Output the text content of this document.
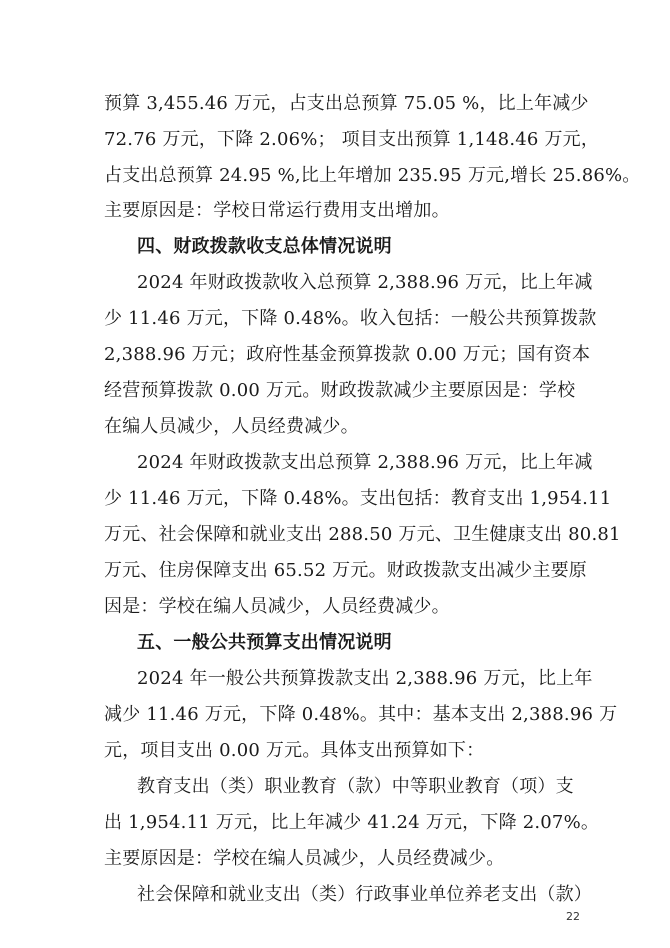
预算 3,455.46 万元，占支出总预算 75.05 %，比上年减少
72.76 万元，下降 2.06%； 项目支出预算 1,148.46 万元，
占支出总预算 24.95 %,比上年增加 235.95 万元,增长 25.86%。
主要原因是：学校日常运行费用支出增加。
四、财政拨款收支总体情况说明
2024 年财政拨款收入总预算 2,388.96 万元，比上年减
少 11.46 万元，下降 0.48%。收入包括：一般公共预算拨款
2,388.96 万元；政府性基金预算拨款 0.00 万元；国有资本
经营预算拨款 0.00 万元。财政拨款减少主要原因是：学校
在编人员减少，人员经费减少。
2024 年财政拨款支出总预算 2,388.96 万元，比上年减
少 11.46 万元，下降 0.48%。支出包括：教育支出 1,954.11
万元、社会保障和就业支出 288.50 万元、卫生健康支出 80.81
万元、住房保障支出 65.52 万元。财政拨款支出减少主要原
因是：学校在编人员减少，人员经费减少。
五、一般公共预算支出情况说明
2024 年一般公共预算拨款支出 2,388.96 万元，比上年
减少 11.46 万元，下降 0.48%。其中：基本支出 2,388.96 万
元，项目支出 0.00 万元。具体支出预算如下：
教育支出（类）职业教育（款）中等职业教育（项）支
出 1,954.11 万元，比上年减少 41.24 万元，下降 2.07%。
主要原因是：学校在编人员减少，人员经费减少。
社会保障和就业支出（类）行政事业单位养老支出（款）
22
